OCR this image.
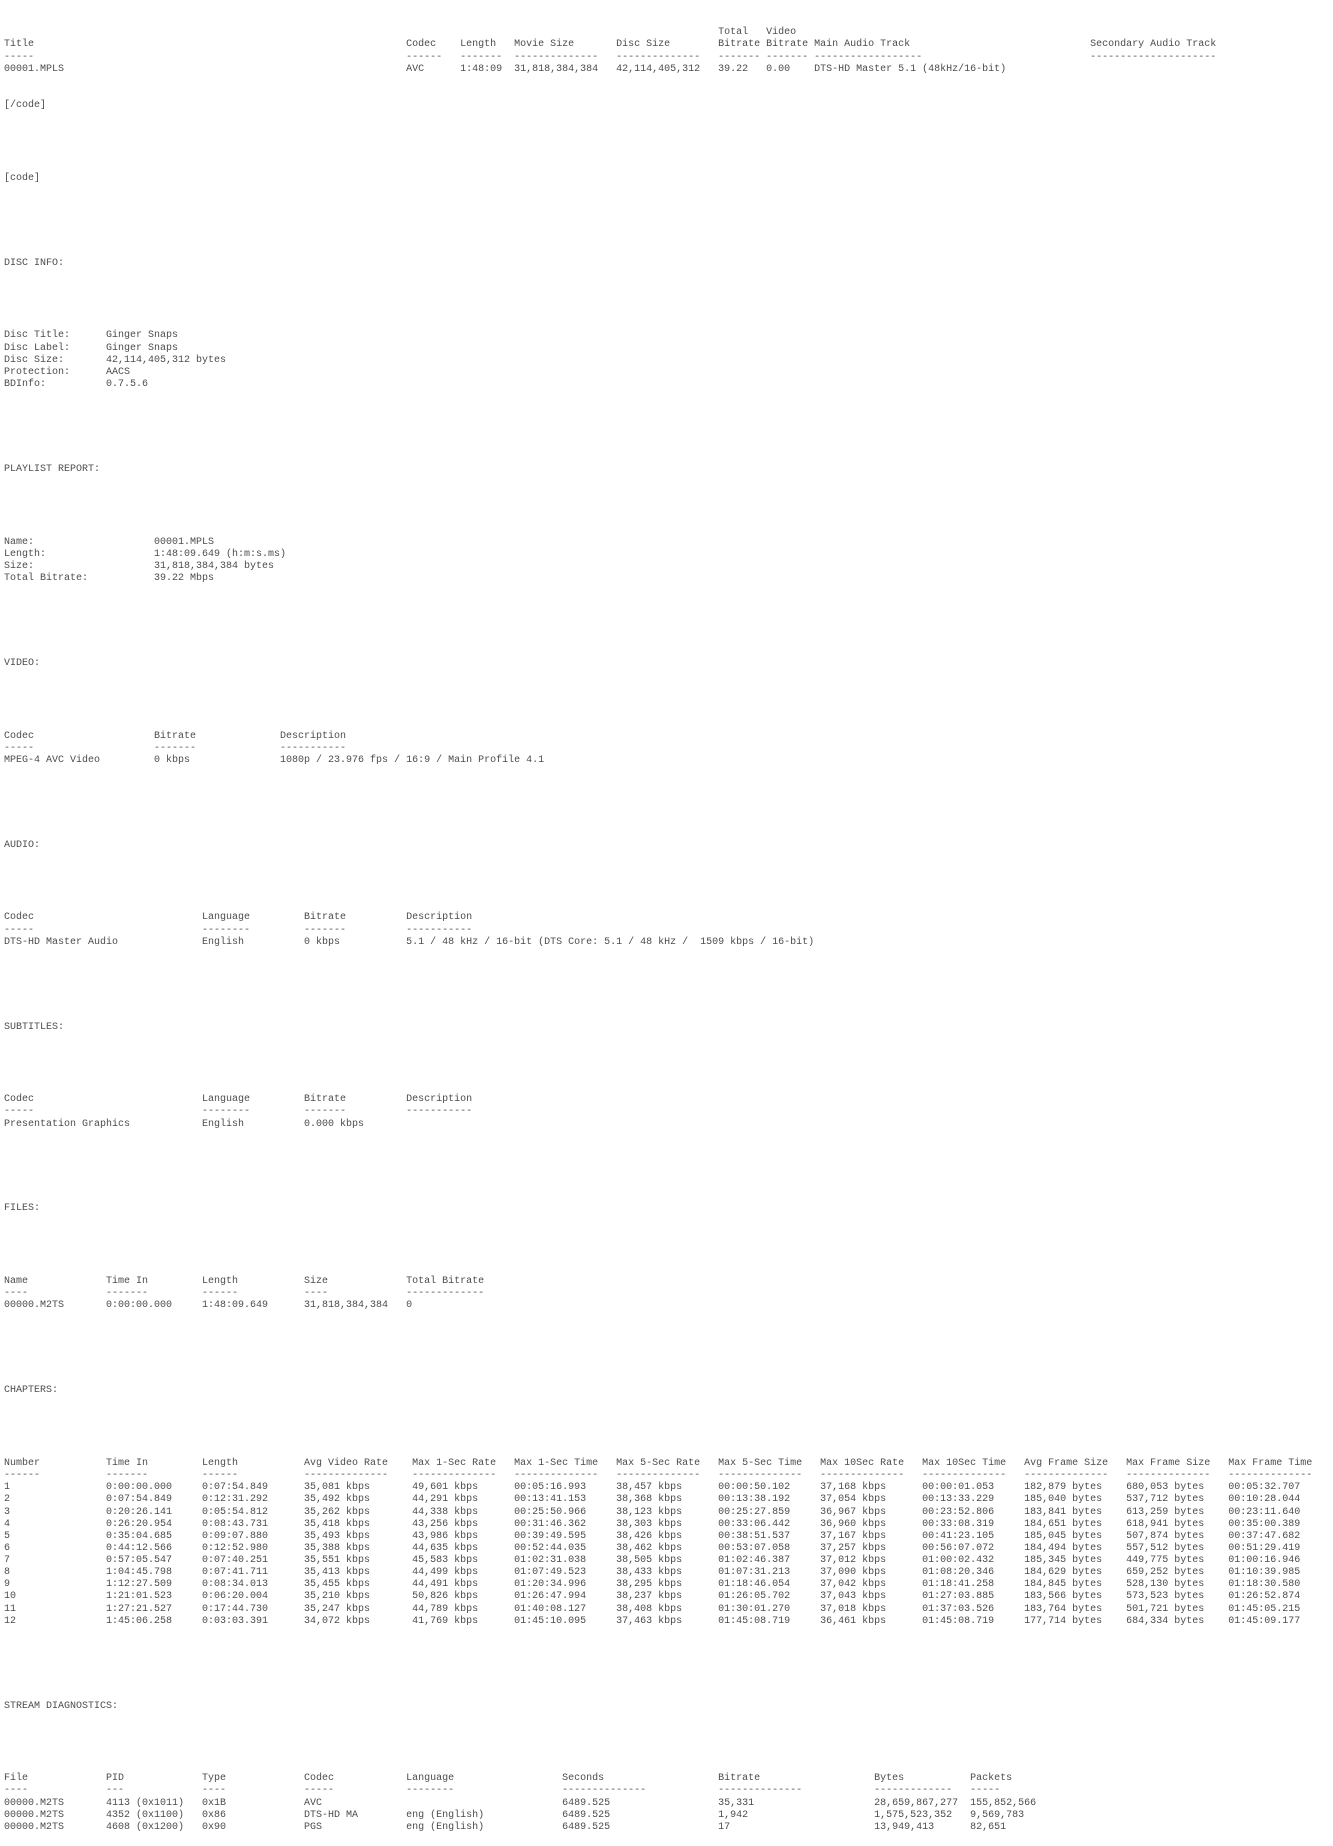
Total   Video
Title                                                              Codec    Length   Movie Size       Disc Size        Bitrate Bitrate Main Audio Track                              Secondary Audio Track
-----                                                              ------   -------  --------------   --------------   ------- ------- ------------------                            ---------------------
00001.MPLS                                                         AVC      1:48:09  31,818,384,384   42,114,405,312   39.22   0.00    DTS-HD Master 5.1 (48kHz/16-bit)

[/code]

[code]

DISC INFO:

Disc Title:      Ginger Snaps
Disc Label:      Ginger Snaps
Disc Size:       42,114,405,312 bytes
Protection:      AACS
BDInfo:          0.7.5.6

PLAYLIST REPORT:

Name:                    00001.MPLS
Length:                  1:48:09.649 (h:m:s.ms)
Size:                    31,818,384,384 bytes
Total Bitrate:           39.22 Mbps

VIDEO:

Codec                    Bitrate              Description
-----                    -------              -----------
MPEG-4 AVC Video         0 kbps               1080p / 23.976 fps / 16:9 / Main Profile 4.1

AUDIO:

Codec                            Language         Bitrate          Description
-----                            --------         -------          -----------
DTS-HD Master Audio              English          0 kbps           5.1 / 48 kHz / 16-bit (DTS Core: 5.1 / 48 kHz /  1509 kbps / 16-bit)

SUBTITLES:

Codec                            Language         Bitrate          Description
-----                            --------         -------          -----------
Presentation Graphics            English          0.000 kbps

FILES:

Name             Time In         Length           Size             Total Bitrate
----             -------         ------           ----             -------------
00000.M2TS       0:00:00.000     1:48:09.649      31,818,384,384   0

CHAPTERS:

Number           Time In         Length           Avg Video Rate    Max 1-Sec Rate   Max 1-Sec Time   Max 5-Sec Rate   Max 5-Sec Time   Max 10Sec Rate   Max 10Sec Time   Avg Frame Size   Max Frame Size   Max Frame Time
------           -------         ------           --------------    --------------   --------------   --------------   --------------   --------------   --------------   --------------   --------------   --------------
1                0:00:00.000     0:07:54.849      35,081 kbps       49,601 kbps      00:05:16.993     38,457 kbps      00:00:50.102     37,168 kbps      00:00:01.053     182,879 bytes    680,053 bytes    00:05:32.707
2                0:07:54.849     0:12:31.292      35,492 kbps       44,291 kbps      00:13:41.153     38,368 kbps      00:13:38.192     37,054 kbps      00:13:33.229     185,040 bytes    537,712 bytes    00:10:28.044
3                0:20:26.141     0:05:54.812      35,262 kbps       44,338 kbps      00:25:50.966     38,123 kbps      00:25:27.859     36,967 kbps      00:23:52.806     183,841 bytes    613,259 bytes    00:23:11.640
4                0:26:20.954     0:08:43.731      35,418 kbps       43,256 kbps      00:31:46.362     38,303 kbps      00:33:06.442     36,960 kbps      00:33:08.319     184,651 bytes    618,941 bytes    00:35:00.389
5                0:35:04.685     0:09:07.880      35,493 kbps       43,986 kbps      00:39:49.595     38,426 kbps      00:38:51.537     37,167 kbps      00:41:23.105     185,045 bytes    507,874 bytes    00:37:47.682
6                0:44:12.566     0:12:52.980      35,388 kbps       44,635 kbps      00:52:44.035     38,462 kbps      00:53:07.058     37,257 kbps      00:56:07.072     184,494 bytes    557,512 bytes    00:51:29.419
7                0:57:05.547     0:07:40.251      35,551 kbps       45,583 kbps      01:02:31.038     38,505 kbps      01:02:46.387     37,012 kbps      01:00:02.432     185,345 bytes    449,775 bytes    01:00:16.946
8                1:04:45.798     0:07:41.711      35,413 kbps       44,499 kbps      01:07:49.523     38,433 kbps      01:07:31.213     37,090 kbps      01:08:20.346     184,629 bytes    659,252 bytes    01:10:39.985
9                1:12:27.509     0:08:34.013      35,455 kbps       44,491 kbps      01:20:34.996     38,295 kbps      01:18:46.054     37,042 kbps      01:18:41.258     184,845 bytes    528,130 bytes    01:18:30.580
10               1:21:01.523     0:06:20.004      35,210 kbps       50,826 kbps      01:26:47.994     38,237 kbps      01:26:05.702     37,043 kbps      01:27:03.885     183,566 bytes    573,523 bytes    01:26:52.874
11               1:27:21.527     0:17:44.730      35,247 kbps       44,789 kbps      01:40:08.127     38,408 kbps      01:30:01.270     37,018 kbps      01:37:03.526     183,764 bytes    501,721 bytes    01:45:05.215
12               1:45:06.258     0:03:03.391      34,072 kbps       41,769 kbps      01:45:10.095     37,463 kbps      01:45:08.719     36,461 kbps      01:45:08.719     177,714 bytes    684,334 bytes    01:45:09.177

STREAM DIAGNOSTICS:

File             PID             Type             Codec            Language                  Seconds                   Bitrate                   Bytes           Packets
----             ---             ----             -----            --------                  --------------            --------------            -------------   -----
00000.M2TS       4113 (0x1011)   0x1B             AVC                                        6489.525                  35,331                    28,659,867,277  155,852,566
00000.M2TS       4352 (0x1100)   0x86             DTS-HD MA        eng (English)             6489.525                  1,942                     1,575,523,352   9,569,783
00000.M2TS       4608 (0x1200)   0x90             PGS              eng (English)             6489.525                  17                        13,949,413      82,651
